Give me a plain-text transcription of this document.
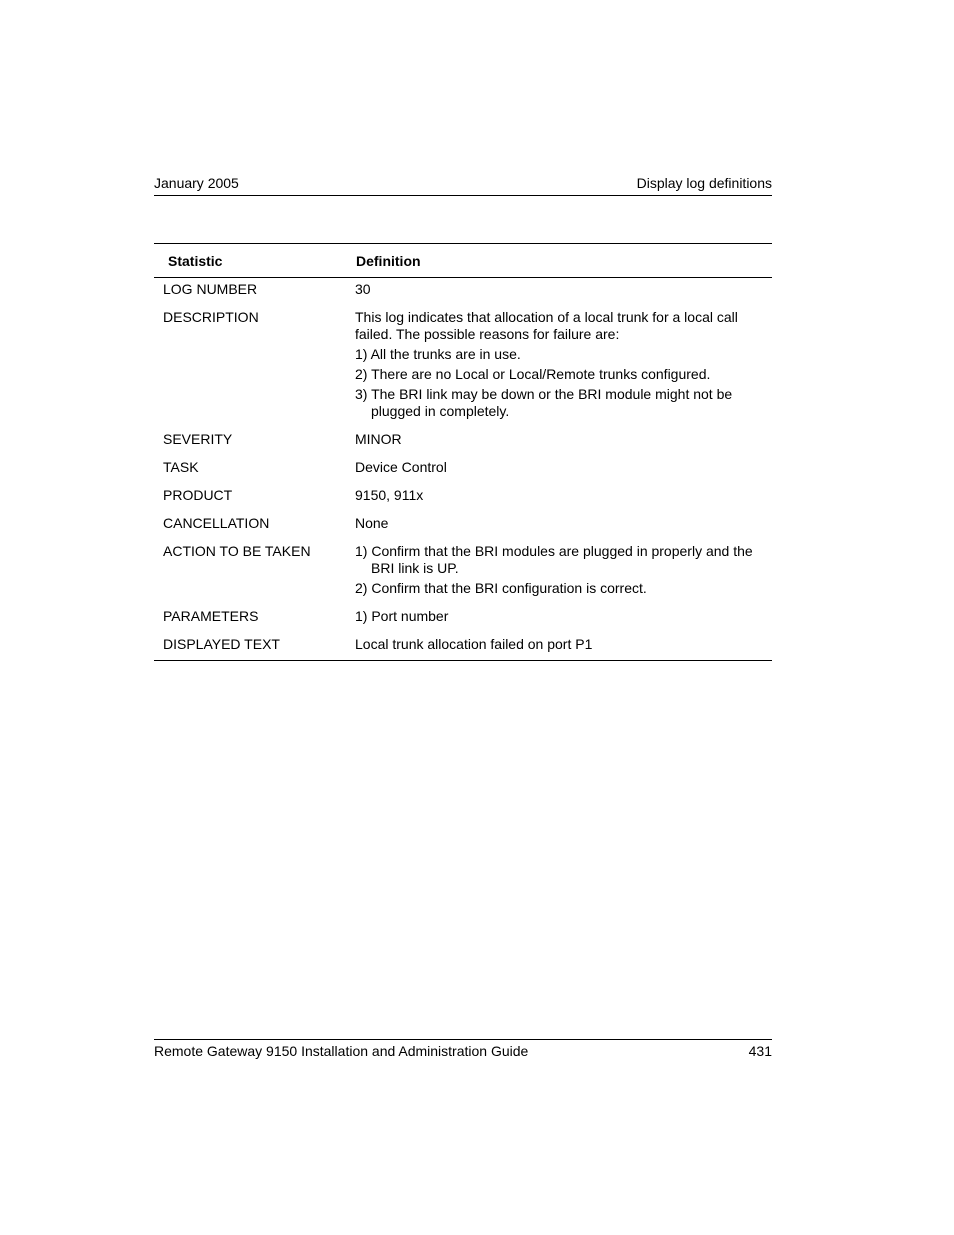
January 2005	Display log definitions
Statistic	Definition
LOG NUMBER	30
DESCRIPTION	This log indicates that allocation of a local trunk for a local call failed. The possible reasons for failure are:

1) All the trunks are in use.

2) There are no Local or Local/Remote trunks configured.

3) The BRI link may be down or the BRI module might not be plugged in completely.

SEVERITY	MINOR
TASK	Device Control
PRODUCT	9150, 911x
CANCELLATION	None
ACTION TO BE TAKEN	1) Confirm that the BRI modules are plugged in properly and the BRI link is UP.

2) Confirm that the BRI configuration is correct.

PARAMETERS	1) Port number
DISPLAYED TEXT	Local trunk allocation failed on port P1
Remote Gateway 9150 Installation and Administration Guide	431
